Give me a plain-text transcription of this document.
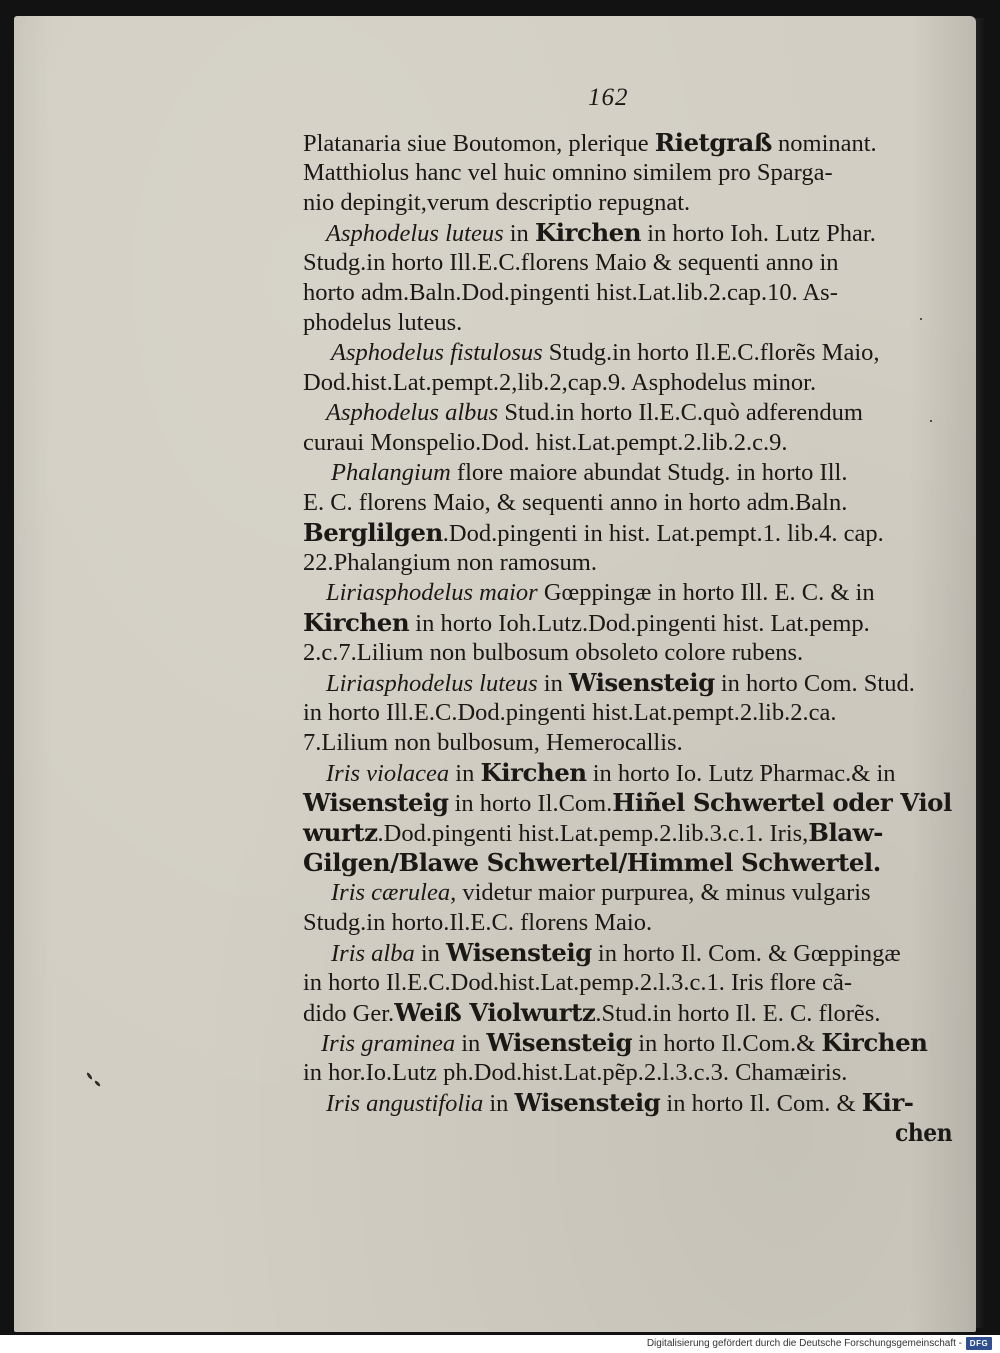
162
Platanaria siue Boutomon, plerique Rietgraß nominant.
Matthiolus hanc vel huic omnino similem pro Sparga-
nio depingit,verum descriptio repugnat.
Asphodelus luteus in Kirchen in horto Ioh. Lutz Phar.
Studg.in horto Ill.E.C.florens Maio & sequenti anno in
horto adm.Baln.Dod.pingenti hist.Lat.lib.2.cap.10. As-
phodelus luteus.
Asphodelus fistulosus Studg.in horto Il.E.C.florẽs Maio,
Dod.hist.Lat.pempt.2,lib.2,cap.9. Asphodelus minor.
Asphodelus albus Stud.in horto Il.E.C.quò adferendum
curaui Monspelio.Dod. hist.Lat.pempt.2.lib.2.c.9.
Phalangium flore maiore abundat Studg. in horto Ill.
E. C. florens Maio, & sequenti anno in horto adm.Baln.
Berglilgen.Dod.pingenti in hist. Lat.pempt.1. lib.4. cap.
22.Phalangium non ramosum.
Liriasphodelus maior Gœppingæ in horto Ill. E. C. & in
Kirchen in horto Ioh.Lutz.Dod.pingenti hist. Lat.pemp.
2.c.7.Lilium non bulbosum obsoleto colore rubens.
Liriasphodelus luteus in Wisensteig in horto Com. Stud.
in horto Ill.E.C.Dod.pingenti hist.Lat.pempt.2.lib.2.ca.
7.Lilium non bulbosum, Hemerocallis.
Iris violacea in Kirchen in horto Io. Lutz Pharmac.& in
Wisensteig in horto Il.Com.Hiñel Schwertel oder Viol
wurtz.Dod.pingenti hist.Lat.pemp.2.lib.3.c.1. Iris,Blaw-
Gilgen/Blawe Schwertel/Himmel Schwertel.
Iris cærulea, videtur maior purpurea, & minus vulgaris
Studg.in horto.Il.E.C. florens Maio.
Iris alba in Wisensteig in horto Il. Com. & Gœppingæ
in horto Il.E.C.Dod.hist.Lat.pemp.2.l.3.c.1. Iris flore cã-
dido Ger.Weiß Violwurtz.Stud.in horto Il. E. C. florẽs.
Iris graminea in Wisensteig in horto Il.Com.& Kirchen
in hor.Io.Lutz ph.Dod.hist.Lat.pẽp.2.l.3.c.3. Chamæiris.
Iris angustifolia in Wisensteig in horto Il. Com. & Kir-
chen
Digitalisierung gefördert durch die Deutsche Forschungsgemeinschaft - DFG
